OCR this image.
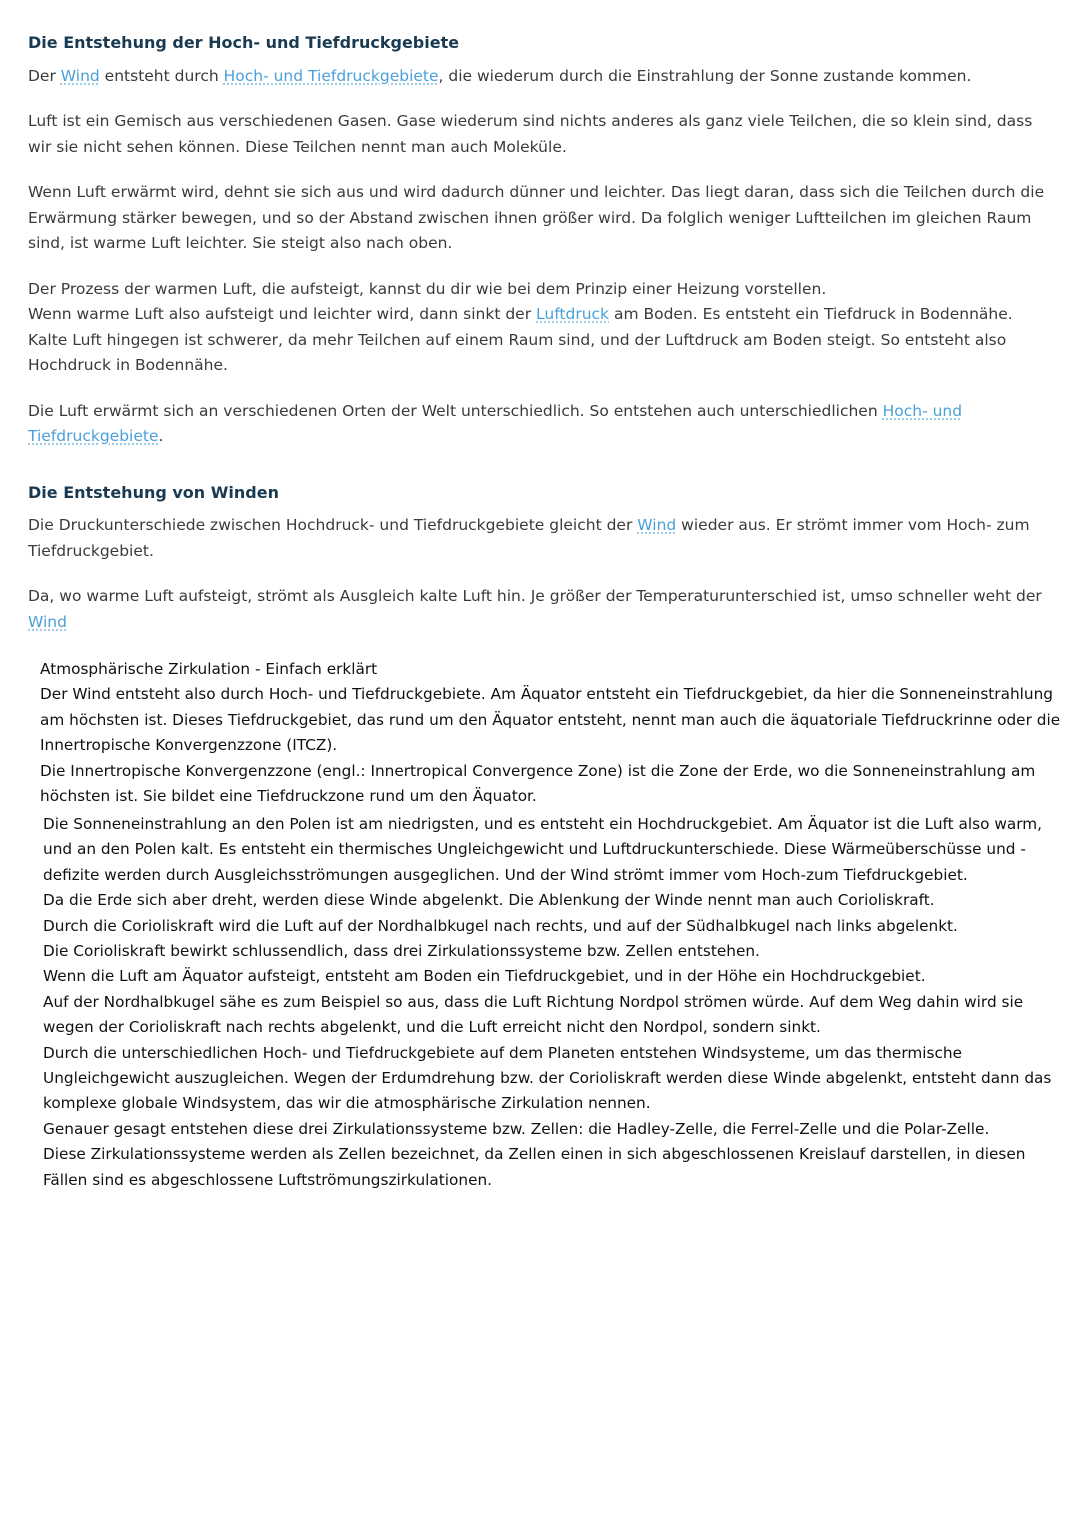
Die Entstehung der Hoch- und Tiefdruckgebiete

Der Wind entsteht durch Hoch- und Tiefdruckgebiete, die wiederum durch die Einstrahlung der Sonne zustande kommen.

Luft ist ein Gemisch aus verschiedenen Gasen. Gase wiederum sind nichts anderes als ganz viele Teilchen, die so klein sind, dass wir sie nicht sehen können. Diese Teilchen nennt man auch Moleküle.

Wenn Luft erwärmt wird, dehnt sie sich aus und wird dadurch dünner und leichter. Das liegt daran, dass sich die Teilchen durch die Erwärmung stärker bewegen, und so der Abstand zwischen ihnen größer wird. Da folglich weniger Luftteilchen im gleichen Raum sind, ist warme Luft leichter. Sie steigt also nach oben.

Der Prozess der warmen Luft, die aufsteigt, kannst du dir wie bei dem Prinzip einer Heizung vorstellen.
Wenn warme Luft also aufsteigt und leichter wird, dann sinkt der Luftdruck am Boden. Es entsteht ein Tiefdruck in Bodennähe. Kalte Luft hingegen ist schwerer, da mehr Teilchen auf einem Raum sind, und der Luftdruck am Boden steigt. So entsteht also Hochdruck in Bodennähe.

Die Luft erwärmt sich an verschiedenen Orten der Welt unterschiedlich. So entstehen auch unterschiedlichen Hoch- und Tiefdruckgebiete.

Die Entstehung von Winden

Die Druckunterschiede zwischen Hochdruck- und Tiefdruckgebiete gleicht der Wind wieder aus. Er strömt immer vom Hoch- zum Tiefdruckgebiet.

Da, wo warme Luft aufsteigt, strömt als Ausgleich kalte Luft hin. Je größer der Temperaturunterschied ist, umso schneller weht der Wind

Atmosphärische Zirkulation - Einfach erklärt

Der Wind entsteht also durch Hoch- und Tiefdruckgebiete. Am Äquator entsteht ein Tiefdruckgebiet, da hier die Sonneneinstrahlung am höchsten ist. Dieses Tiefdruckgebiet, das rund um den Äquator entsteht, nennt man auch die äquatoriale Tiefdruckrinne oder die Innertropische Konvergenzzone (ITCZ).

Die Innertropische Konvergenzzone (engl.: Innertropical Convergence Zone) ist die Zone der Erde, wo die Sonneneinstrahlung am höchsten ist. Sie bildet eine Tiefdruckzone rund um den Äquator.

Die Sonneneinstrahlung an den Polen ist am niedrigsten, und es entsteht ein Hochdruckgebiet. Am Äquator ist die Luft also warm, und an den Polen kalt. Es entsteht ein thermisches Ungleichgewicht und Luftdruckunterschiede. Diese Wärmeüberschüsse und -defizite werden durch Ausgleichsströmungen ausgeglichen. Und der Wind strömt immer vom Hoch-zum Tiefdruckgebiet.

Da die Erde sich aber dreht, werden diese Winde abgelenkt. Die Ablenkung der Winde nennt man auch Corioliskraft.

Durch die Corioliskraft wird die Luft auf der Nordhalbkugel nach rechts, und auf der Südhalbkugel nach links abgelenkt.

Die Corioliskraft bewirkt schlussendlich, dass drei Zirkulationssysteme bzw. Zellen entstehen.

Wenn die Luft am Äquator aufsteigt, entsteht am Boden ein Tiefdruckgebiet, und in der Höhe ein Hochdruckgebiet.

Auf der Nordhalbkugel sähe es zum Beispiel so aus, dass die Luft Richtung Nordpol strömen würde. Auf dem Weg dahin wird sie wegen der Corioliskraft nach rechts abgelenkt, und die Luft erreicht nicht den Nordpol, sondern sinkt.

Durch die unterschiedlichen Hoch- und Tiefdruckgebiete auf dem Planeten entstehen Windsysteme, um das thermische Ungleichgewicht auszugleichen. Wegen der Erdumdrehung bzw. der Corioliskraft werden diese Winde abgelenkt, entsteht dann das komplexe globale Windsystem, das wir die atmosphärische Zirkulation nennen.

Genauer gesagt entstehen diese drei Zirkulationssysteme bzw. Zellen: die Hadley-Zelle, die Ferrel-Zelle und die Polar-Zelle.

Diese Zirkulationssysteme werden als Zellen bezeichnet, da Zellen einen in sich abgeschlossenen Kreislauf darstellen, in diesen Fällen sind es abgeschlossene Luftströmungszirkulationen.
